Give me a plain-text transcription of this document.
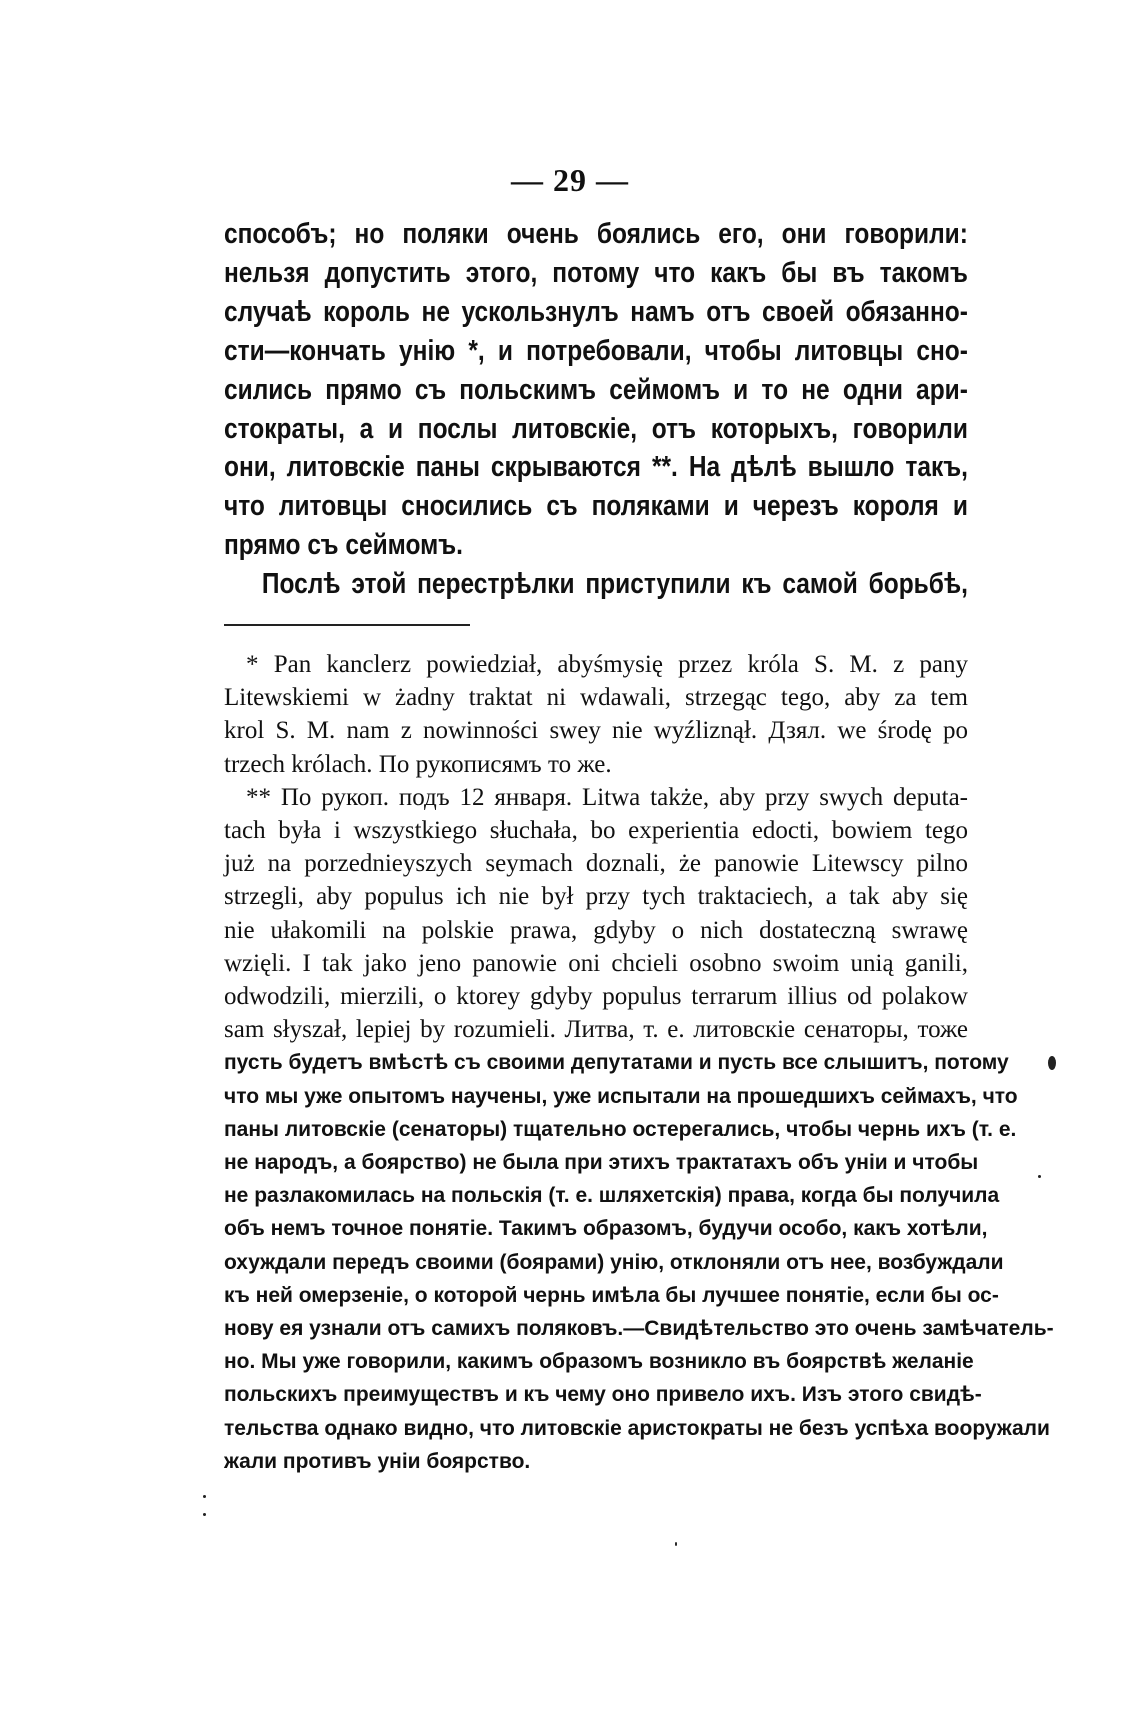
— 29 —
способъ; но поляки очень боялись его, они говорили:
нельзя допустить этого, потому что какъ бы въ такомъ
случаѣ король не ускользнулъ намъ отъ своей обязанно-
сти—кончать унію *, и потребовали, чтобы литовцы сно-
сились прямо съ польскимъ сеймомъ и то не одни ари-
стократы, а и послы литовскіе, отъ которыхъ, говорили
они, литовскіе паны скрываются **. На дѣлѣ вышло такъ,
что литовцы сносились съ поляками и черезъ короля и
прямо съ сеймомъ.
Послѣ этой перестрѣлки приступили къ самой борьбѣ,
* Pan kanclerz powiedział, abyśmysię przez króla S. M. z pany
Litewskiemi w żadny traktat ni wdawali, strzegąc tego, aby za tem
krol S. M. nam z nowinności swey nie wyźliznął. Дзял. we środę po
trzech królach. По рукописямъ то же.
** По рукоп. подъ 12 января. Litwa także, aby przy swych deputa-
tach była i wszystkiego słuchała, bo experientia edocti, bowiem tego
już na porzednieyszych seymach doznali, że panowie Litewscy pilno
strzegli, aby populus ich nie był przy tych traktaciech, a tak aby się
nie ułakomili na polskie prawa, gdyby o nich dostateczną swrawę
wzięli. I tak jako jeno panowie oni chcieli osobno swoim unią ganili,
odwodzili, mierzili, o ktorey gdyby populus terrarum illius od polakow
sam słyszał, lepiej by rozumieli. Литва, т. е. литовскіе сенаторы, тоже
пусть будетъ вмѣстѣ съ своими депутатами и пусть все слышитъ, потому
что мы уже опытомъ научены, уже испытали на прошедшихъ сеймахъ, что
паны литовскіе (сенаторы) тщательно остерегались, чтобы чернь ихъ (т. е.
не народъ, а боярство) не была при этихъ трактатахъ объ уніи и чтобы
не разлакомилась на польскія (т. е. шляхетскія) права, когда бы получила
объ немъ точное понятіе. Такимъ образомъ, будучи особо, какъ хотѣли,
охуждали передъ своими (боярами) унію, отклоняли отъ нее, возбуждали
къ ней омерзеніе, о которой чернь имѣла бы лучшее понятіе, если бы ос-
нову ея узнали отъ самихъ поляковъ.—Свидѣтельство это очень замѣчатель-
но. Мы уже говорили, какимъ образомъ возникло въ боярствѣ желаніе
польскихъ преимуществъ и къ чему оно привело ихъ. Изъ этого свидѣ-
тельства однако видно, что литовскіе аристократы не безъ успѣха вооружали
жали противъ уніи боярство.
